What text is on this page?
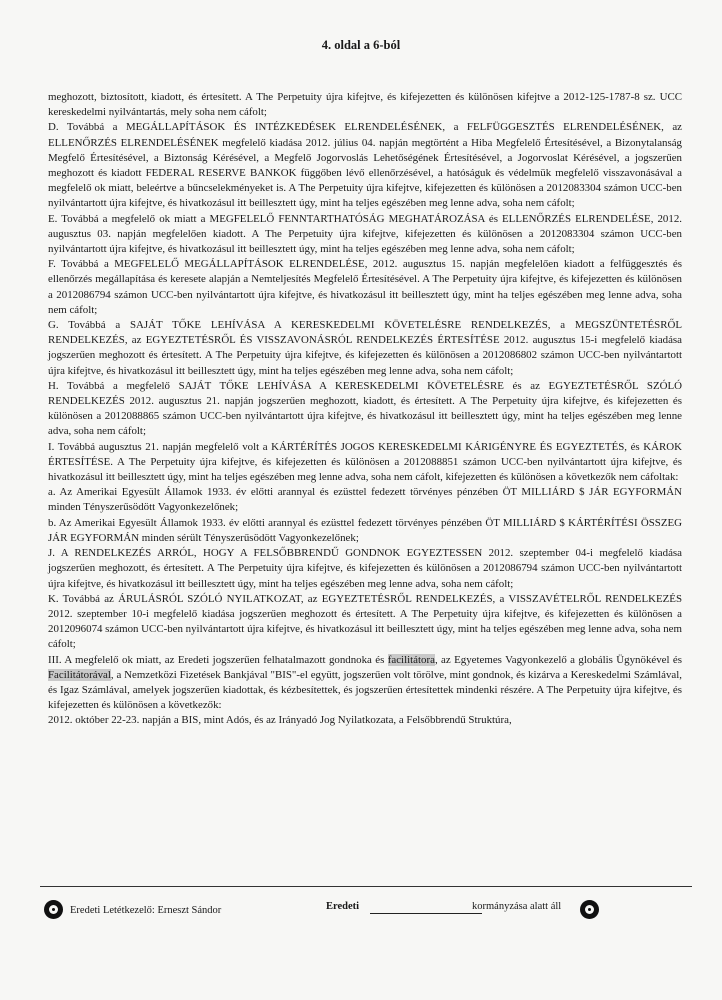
4. oldal a 6-ból

meghozott, biztosított, kiadott, és értesített. A The Perpetuity újra kifejtve, és kifejezetten és különösen kifejtve a 2012-125-1787-8 sz. UCC kereskedelmi nyilvántartás, mely soha nem cáfolt;

D. Továbbá a MEGÁLLAPÍTÁSOK ÉS INTÉZKEDÉSEK ELRENDELÉSÉNEK, a FELFÜGGESZTÉS ELRENDELÉSÉNEK, az ELLENŐRZÉS ELRENDELÉSÉNEK megfelelő kiadása 2012. július 04. napján megtörtént a Hiba Megfelelő Értesítésével, a Bizonytalanság Megfelő Értesítésével, a Biztonság Kérésével, a Megfelő Jogorvoslás Lehetőségének Értesítésével, a Jogorvoslat Kérésével, a jogszerűen meghozott és kiadott FEDERAL RESERVE BANKOK függőben lévő ellenőrzésével, a hatóságuk és védelmük megfelelő visszavonásával a megfelelő ok miatt, beleértve a bűncselekményeket is. A The Perpetuity újra kifejtve, kifejezetten és különösen a 2012083304 számon UCC-ben nyilvántartott újra kifejtve, és hivatkozásul itt beillesztett úgy, mint ha teljes egészében meg lenne adva, soha nem cáfolt;

E. Továbbá a megfelelő ok miatt a MEGFELELŐ FENNTARTHATÓSÁG MEGHATÁROZÁSA és ELLENŐRZÉS ELRENDELÉSE, 2012. augusztus 03. napján megfelelően kiadott. A The Perpetuity újra kifejtve, kifejezetten és különösen a 2012083304 számon UCC-ben nyilvántartott újra kifejtve, és hivatkozásul itt beillesztett úgy, mint ha teljes egészében meg lenne adva, soha nem cáfolt;

F. Továbbá a MEGFELELŐ MEGÁLLAPÍTÁSOK ELRENDELÉSE, 2012. augusztus 15. napján megfelelően kiadott a felfüggesztés és ellenőrzés megállapítása és keresete alapján a Nemteljesítés Megfelelő Értesítésével. A The Perpetuity újra kifejtve, és kifejezetten és különösen a 2012086794 számon UCC-ben nyilvántartott újra kifejtve, és hivatkozásul itt beillesztett úgy, mint ha teljes egészében meg lenne adva, soha nem cáfolt;

G. Továbbá a SAJÁT TŐKE LEHÍVÁSA A KERESKEDELMI KÖVETELÉSRE RENDELKEZÉS, a MEGSZÜNTETÉSRŐL RENDELKEZÉS, az EGYEZTETÉSRŐL ÉS VISSZAVONÁSRÓL RENDELKEZÉS ÉRTESÍTÉSE 2012. augusztus 15-i megfelelő kiadása jogszerűen meghozott és értesített. A The Perpetuity újra kifejtve, és kifejezetten és különösen a 2012086802 számon UCC-ben nyilvántartott újra kifejtve, és hivatkozásul itt beillesztett úgy, mint ha teljes egészében meg lenne adva, soha nem cáfolt;

H. Továbbá a megfelelő SAJÁT TŐKE LEHÍVÁSA A KERESKEDELMI KÖVETELÉSRE és az EGYEZTETÉSRŐL SZÓLÓ RENDELKEZÉS 2012. augusztus 21. napján jogszerűen meghozott, kiadott, és értesített. A The Perpetuity újra kifejtve, és kifejezetten és különösen a 2012088865 számon UCC-ben nyilvántartott újra kifejtve, és hivatkozásul itt beillesztett úgy, mint ha teljes egészében meg lenne adva, soha nem cáfolt;

I. Továbbá augusztus 21. napján megfelelő volt a KÁRTÉRÍTÉS JOGOS KERESKEDELMI KÁRIGÉNYRE ÉS EGYEZTETÉS, és KÁROK ÉRTESÍTÉSE. A The Perpetuity újra kifejtve, és kifejezetten és különösen a 2012088851 számon UCC-ben nyilvántartott újra kifejtve, és hivatkozásul itt beillesztett úgy, mint ha teljes egészében meg lenne adva, soha nem cáfolt, kifejezetten és különösen a következők nem cáfoltak:

a. Az Amerikai Egyesült Államok 1933. év előtti arannyal és ezüsttel fedezett törvényes pénzében ÖT MILLIÁRD $ JÁR EGYFORMÁN minden Tényszerűsödött Vagyonkezelőnek;

b. Az Amerikai Egyesült Államok 1933. év előtti arannyal és ezüsttel fedezett törvényes pénzében ÖT MILLIÁRD $ KÁRTÉRÍTÉSI ÖSSZEG JÁR EGYFORMÁN minden sérült Tényszerűsödött Vagyonkezelőnek;

J. A RENDELKEZÉS ARRÓL, HOGY A FELSŐBBRENDŰ GONDNOK EGYEZTESSEN 2012. szeptember 04-i megfelelő kiadása jogszerűen meghozott, és értesített. A The Perpetuity újra kifejtve, és kifejezetten és különösen a 2012086794 számon UCC-ben nyilvántartott újra kifejtve, és hivatkozásul itt beillesztett úgy, mint ha teljes egészében meg lenne adva, soha nem cáfolt;

K. Továbbá az ÁRULÁSRÓL SZÓLÓ NYILATKOZAT, az EGYEZTETÉSRŐL RENDELKEZÉS, a VISSZAVÉTELRŐL RENDELKEZÉS 2012. szeptember 10-i megfelelő kiadása jogszerűen meghozott és értesített. A The Perpetuity újra kifejtve, és kifejezetten és különösen a 2012096074 számon UCC-ben nyilvántartott újra kifejtve, és hivatkozásul itt beillesztett úgy, mint ha teljes egészében meg lenne adva, soha nem cáfolt;

III. A megfelelő ok miatt, az Eredeti jogszerűen felhatalmazott gondnoka és facilitátora, az Egyetemes Vagyonkezelő a globális Ügynökével és Facilitátorával, a Nemzetközi Fizetések Bankjával "BIS"-el együtt, jogszerűen volt törölve, mint gondnok, és kizárva a Kereskedelmi Számlával, és Igaz Számlával, amelyek jogszerűen kiadottak, és kézbesítettek, és jogszerűen értesítettek mindenki részére. A The Perpetuity újra kifejtve, és kifejezetten és különösen a következők:

2012. október 22-23. napján a BIS, mint Adós, és az Irányadó Jog Nyilatkozata, a Felsőbbrendű Struktúra,

Eredeti Letétkezelő: Erneszt Sándor	Eredeti	kormányzása alatt áll
